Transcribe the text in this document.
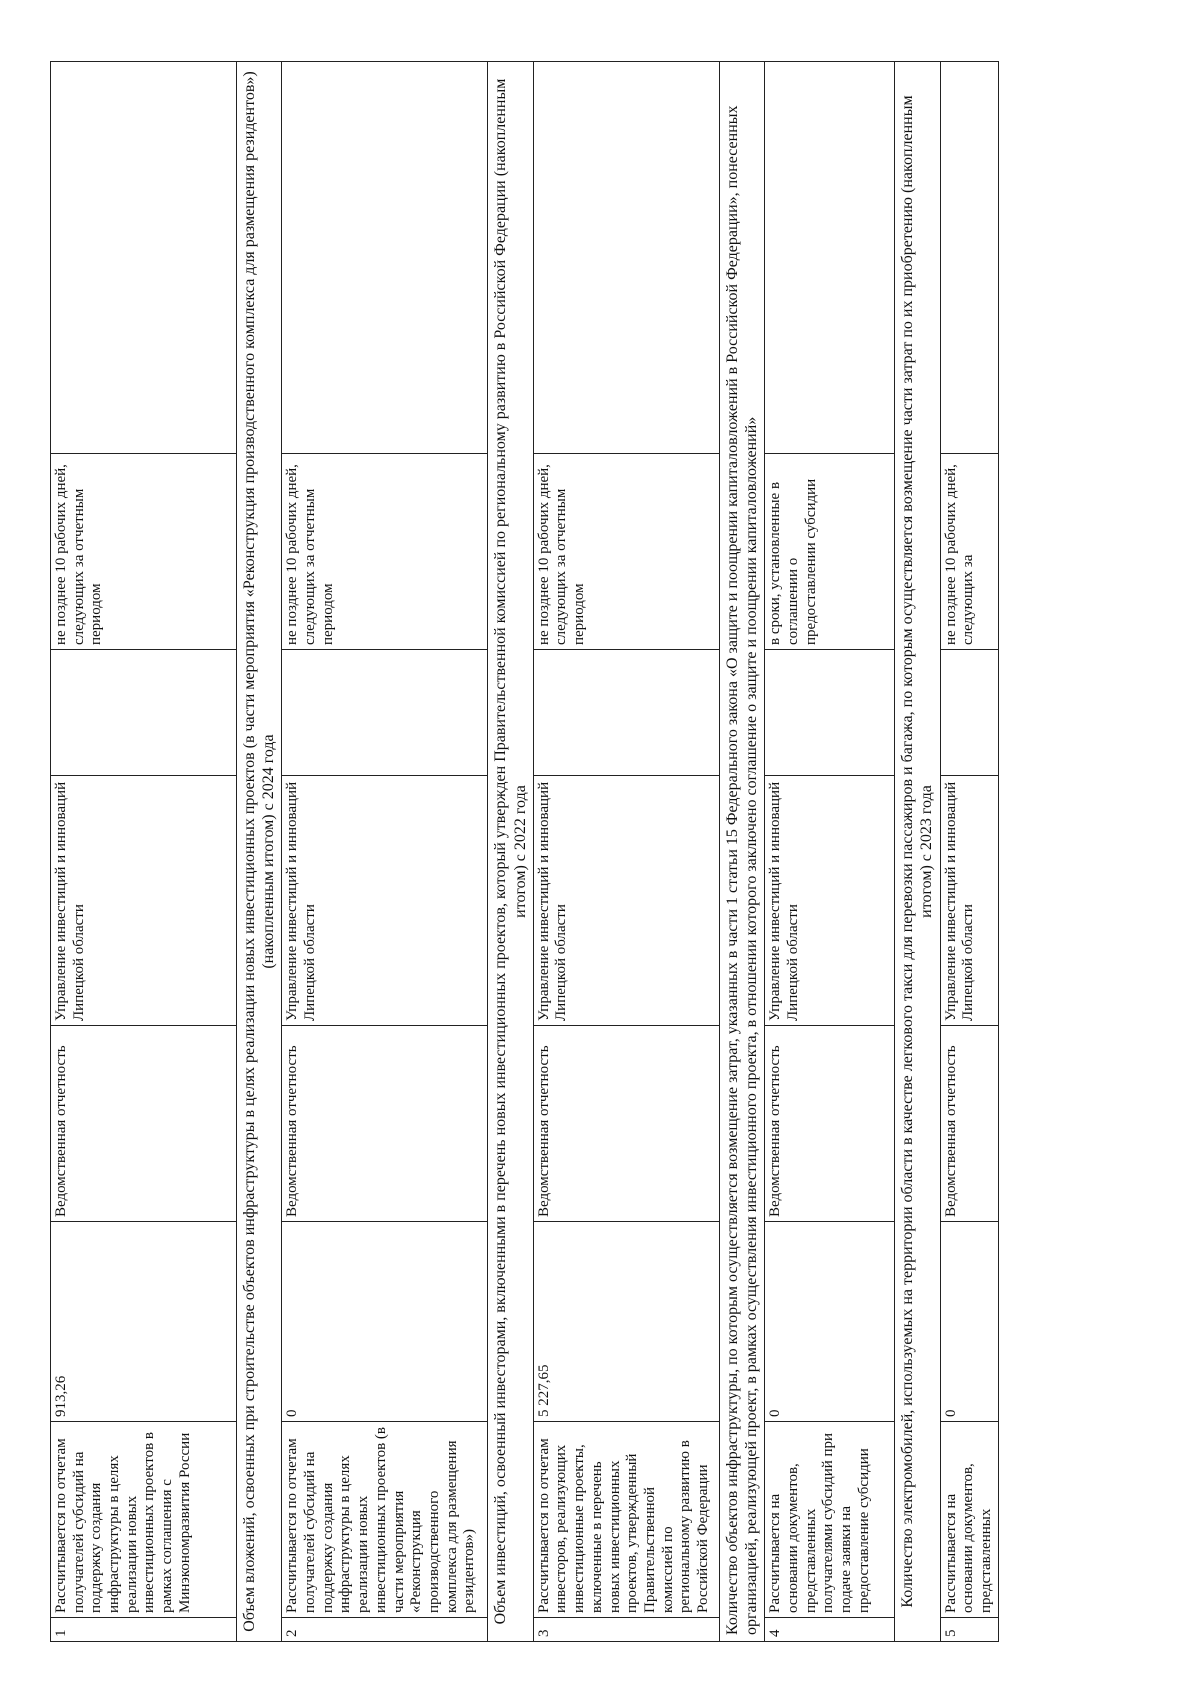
1	Рассчитывается по отчетам получателей субсидий на поддержку создания инфраструктуры в целях реализации новых инвестиционных проектов в рамках соглашения с Минэкономразвития России	913,26	Ведомственная отчетность	Управление инвестиций и инноваций Липецкой области		не позднее 10 рабочих дней, следующих за отчетным периодом	
Объем вложений, освоенных при строительстве объектов инфраструктуры в целях реализации новых инвестиционных проектов (в части мероприятия «Реконструкция производственного комплекса для размещения резидентов») (накопленным итогом) с 2024 года							
2	Рассчитывается по отчетам получателей субсидий на поддержку создания инфраструктуры в целях реализации новых инвестиционных проектов (в части мероприятия «Реконструкция производственного комплекса для размещения резидентов»)	0	Ведомственная отчетность	Управление инвестиций и инноваций Липецкой области		не позднее 10 рабочих дней, следующих за отчетным периодом	
Объем инвестиций, освоенный инвесторами, включенными в перечень новых инвестиционных проектов, который утвержден Правительственной комиссией по региональному развитию в Российской Федерации (накопленным итогом) с 2022 года							
3	Рассчитывается по отчетам инвесторов, реализующих инвестиционные проекты, включенные в перечень новых инвестиционных проектов, утвержденный Правительственной комиссией по региональному развитию в Российской Федерации	5 227,65	Ведомственная отчетность	Управление инвестиций и инноваций Липецкой области		не позднее 10 рабочих дней, следующих за отчетным периодом	
Количество объектов инфраструктуры, по которым осуществляется возмещение затрат, указанных в части 1 статьи 15 Федерального закона «О защите и поощрении капиталовложений в Российской Федерации», понесенных организацией, реализующей проект, в рамках осуществления инвестиционного проекта, в отношении которого заключено соглашение о защите и поощрении капиталовложений»							
4	Рассчитывается на основании документов, представленных получателями субсидий при подаче заявки на предоставление субсидии	0	Ведомственная отчетность	Управление инвестиций и инноваций Липецкой области		в сроки, установленные в соглашении о предоставлении субсидии	
Количество электромобилей, используемых на территории области в качестве легкового такси для перевозки пассажиров и багажа, по которым осуществляется возмещение части затрат по их приобретению (накопленным итогом) с 2023 года							
5	Рассчитывается на основании документов, представленных	0	Ведомственная отчетность	Управление инвестиций и инноваций Липецкой области		не позднее 10 рабочих дней, следующих за	
